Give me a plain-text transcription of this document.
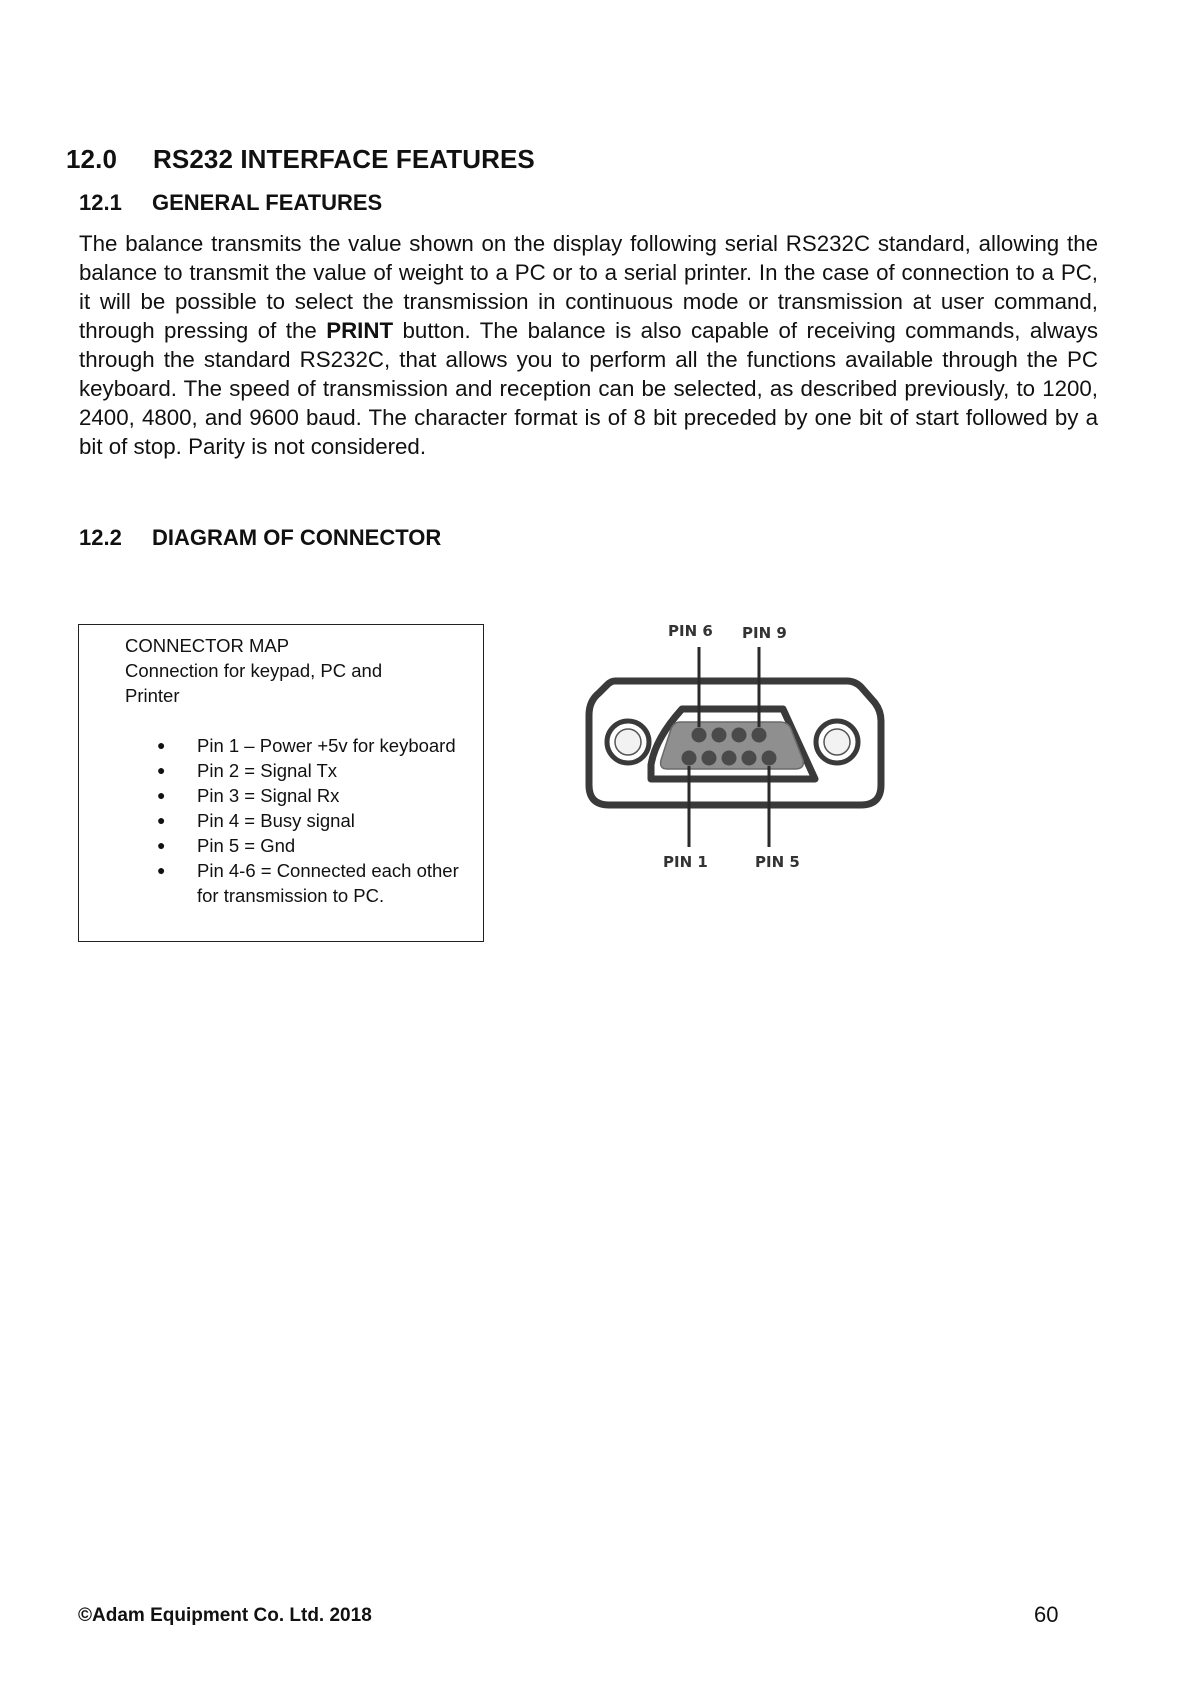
12.0 RS232 INTERFACE FEATURES
12.1 GENERAL FEATURES

The balance transmits the value shown on the display following serial RS232C standard, allowing the balance to transmit the value of weight to a PC or to a serial printer. In the case of connection to a PC, it will be possible to select the transmission in continuous mode or transmission at user command, through pressing of the PRINT button. The balance is also capable of receiving commands, always through the standard RS232C, that allows you to perform all the functions available through the PC keyboard. The speed of transmission and reception can be selected, as described previously, to 1200, 2400, 4800, and 9600 baud. The character format is of 8 bit preceded by one bit of start followed by a bit of stop. Parity is not considered.

12.2 DIAGRAM OF CONNECTOR
CONNECTOR MAP
Connection for keypad, PC and Printer
● Pin 1 – Power +5v for keyboard
● Pin 2 = Signal Tx
● Pin 3 = Signal Rx
● Pin 4 = Busy signal
● Pin 5 = Gnd
● Pin 4-6 = Connected each other for transmission to PC.
PIN 6 PIN 9
PIN 1	PIN 5
©Adam Equipment Co. Ltd. 2018	60
